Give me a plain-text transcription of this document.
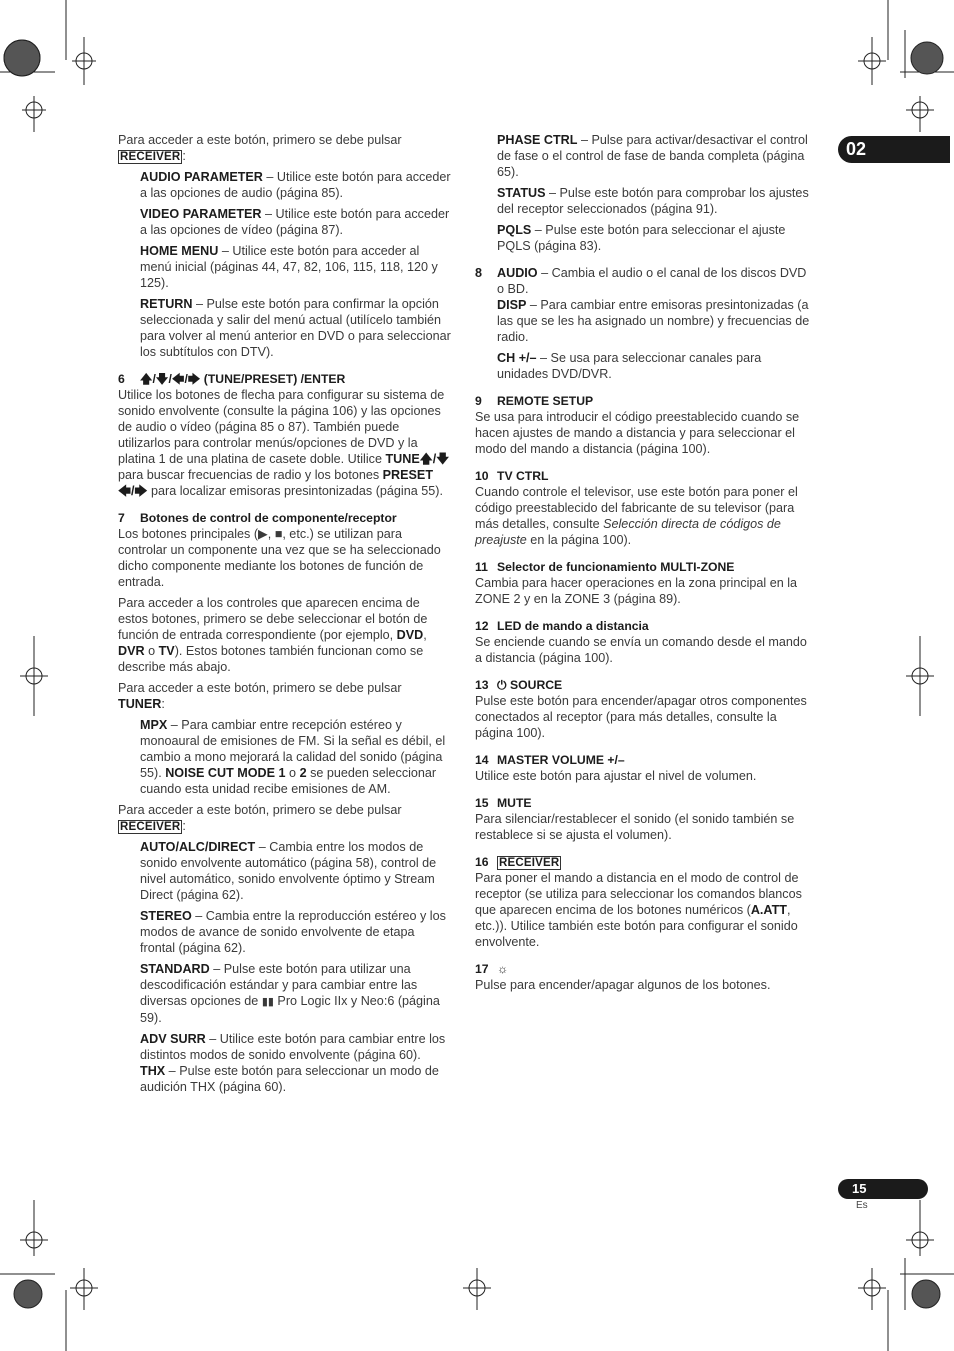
02

Para acceder a este botón, primero se debe pulsar
RECEIVER :

AUDIO PARAMETER – Utilice este botón para acceder a las opciones de audio (página 85).

VIDEO PARAMETER – Utilice este botón para acceder a las opciones de vídeo (página 87).

HOME MENU – Utilice este botón para acceder al menú inicial (páginas 44, 47, 82, 106, 115, 118, 120 y 125).

RETURN – Pulse este botón para confirmar la opción seleccionada y salir del menú actual (utilícelo también para volver al menú anterior en DVD o para seleccionar los subtítulos con DTV).

6 🡅/🡇/🡄/🡆 (TUNE/PRESET) /ENTER

Utilice los botones de flecha para configurar su sistema de sonido envolvente (consulte la página 106) y las opciones de audio o vídeo (página 85 o 87). También puede utilizarlos para controlar menús/opciones de DVD y la platina 1 de una platina de casete doble. Utilice TUNE🡅/🡇 para buscar frecuencias de radio y los botones PRESET 🡄/🡆 para localizar emisoras presintonizadas (página 55).

7 Botones de control de componente/receptor

Los botones principales (▶, ■, etc.) se utilizan para controlar un componente una vez que se ha seleccionado dicho componente mediante los botones de función de entrada.

Para acceder a los controles que aparecen encima de estos botones, primero se debe seleccionar el botón de función de entrada correspondiente (por ejemplo, DVD, DVR o TV). Estos botones también funcionan como se describe más abajo.

Para acceder a este botón, primero se debe pulsar
TUNER:

MPX – Para cambiar entre recepción estéreo y monoaural de emisiones de FM. Si la señal es débil, el cambio a mono mejorará la calidad del sonido (página 55). NOISE CUT MODE 1 o 2 se pueden seleccionar cuando esta unidad recibe emisiones de AM.

Para acceder a este botón, primero se debe pulsar
RECEIVER :

AUTO/ALC/DIRECT – Cambia entre los modos de sonido envolvente automático (página 58), control de nivel automático, sonido envolvente óptimo y Stream Direct (página 62).

STEREO – Cambia entre la reproducción estéreo y los modos de avance de sonido envolvente de etapa frontal (página 62).

STANDARD – Pulse este botón para utilizar una descodificación estándar y para cambiar entre las diversas opciones de ▮▮ Pro Logic IIx y Neo:6 (página 59).

ADV SURR – Utilice este botón para cambiar entre los distintos modos de sonido envolvente (página 60).

THX – Pulse este botón para seleccionar un modo de audición THX (página 60).

PHASE CTRL – Pulse para activar/desactivar el control de fase o el control de fase de banda completa (página 65).

STATUS – Pulse este botón para comprobar los ajustes del receptor seleccionados (página 91).

PQLS – Pulse este botón para seleccionar el ajuste PQLS (página 83).

8 AUDIO – Cambia el audio o el canal de los discos DVD o BD.

DISP – Para cambiar entre emisoras presintonizadas (a las que se les ha asignado un nombre) y frecuencias de radio.

CH +/– – Se usa para seleccionar canales para unidades DVD/DVR.

9 REMOTE SETUP

Se usa para introducir el código preestablecido cuando se hacen ajustes de mando a distancia y para seleccionar el modo del mando a distancia (página 100).

10 TV CTRL

Cuando controle el televisor, use este botón para poner el código preestablecido del fabricante de su televisor (para más detalles, consulte Selección directa de códigos de preajuste en la página 100).

11 Selector de funcionamiento MULTI-ZONE

Cambia para hacer operaciones en la zona principal en la ZONE 2 y en la ZONE 3 (página 89).

12 LED de mando a distancia

Se enciende cuando se envía un comando desde el mando a distancia (página 100).

13 ⏻ SOURCE

Pulse este botón para encender/apagar otros componentes conectados al receptor (para más detalles, consulte la página 100).

14 MASTER VOLUME +/–

Utilice este botón para ajustar el nivel de volumen.

15 MUTE

Para silenciar/restablecer el sonido (el sonido también se restablece si se ajusta el volumen).

16 RECEIVER

Para poner el mando a distancia en el modo de control de receptor (se utiliza para seleccionar los comandos blancos que aparecen encima de los botones numéricos (A.ATT, etc.)). Utilice también este botón para configurar el sonido envolvente.

17 ☼

Pulse para encender/apagar algunos de los botones.

15
Es
